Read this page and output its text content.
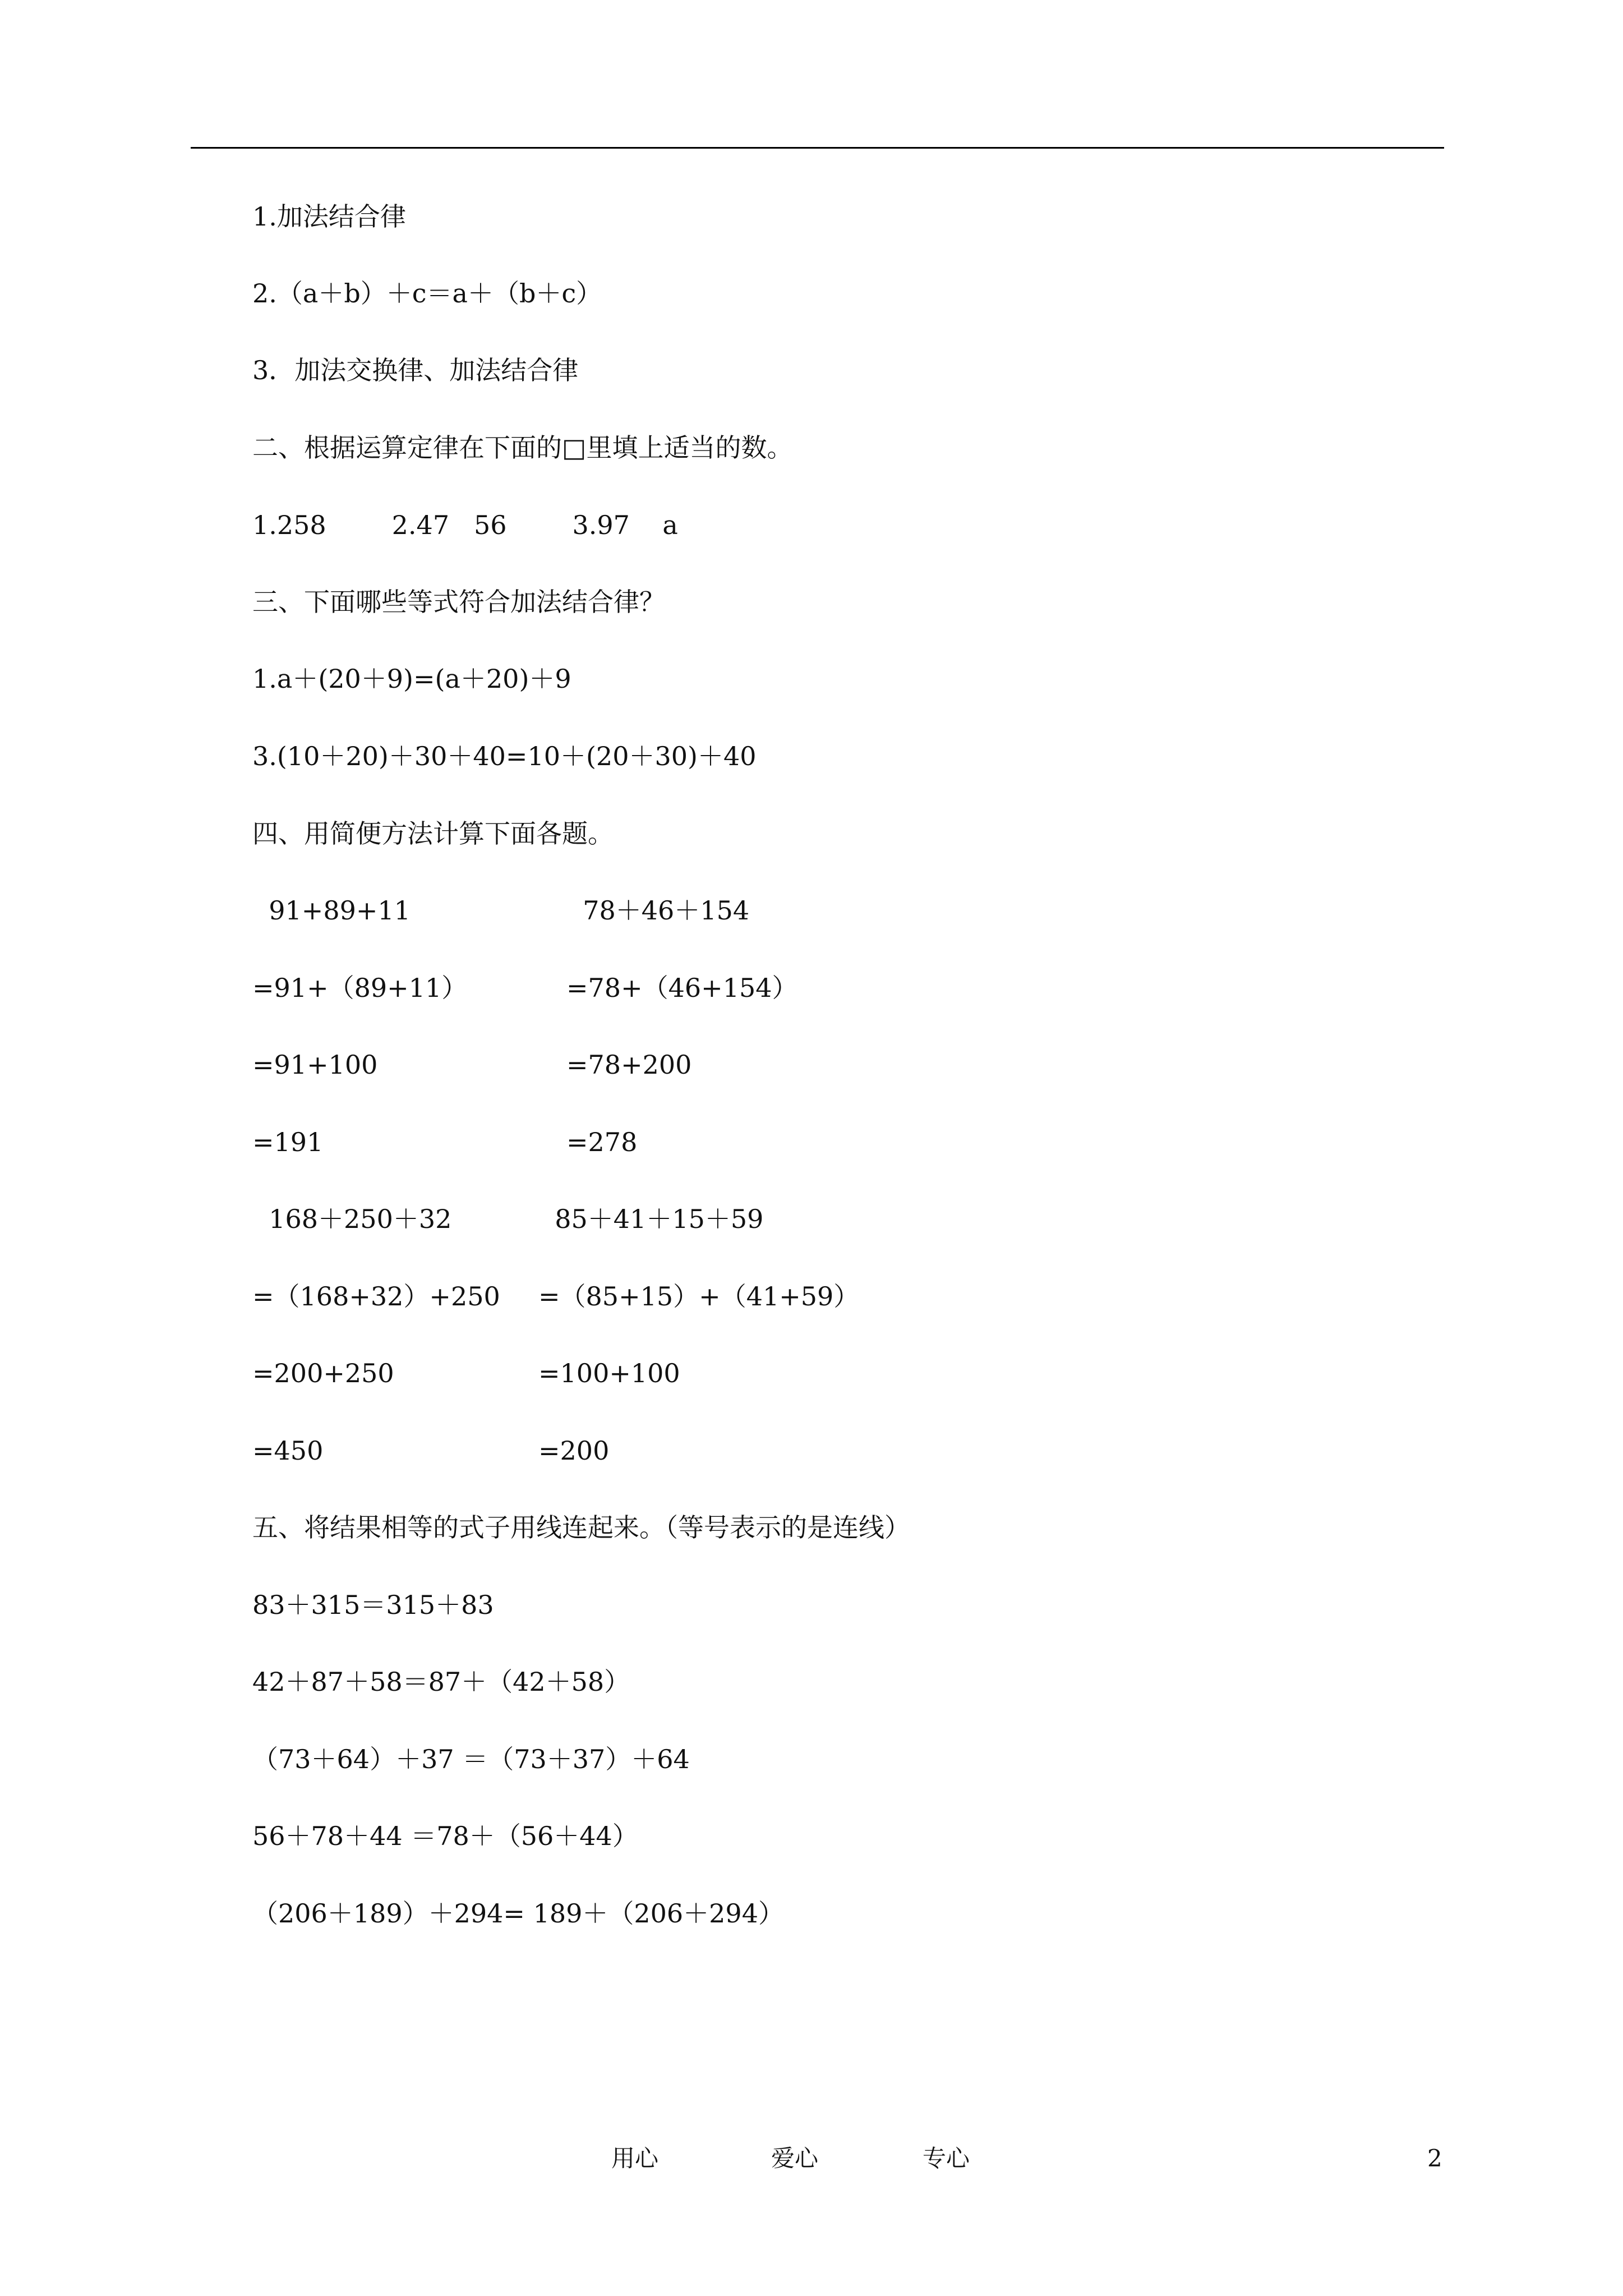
1.加法结合律
2.（a＋b）＋c＝a＋（b＋c）
3．加法交换律、加法结合律
二、根据运算定律在下面的□里填上适当的数。
1.258        2.47   56        3.97    a
三、下面哪些等式符合加法结合律？
1.a＋(20＋9)=(a＋20)＋9
3.(10＋20)＋30＋40=10＋(20＋30)＋40
四、用简便方法计算下面各题。
91+89+11
=91+（89+11）
=91+100
=191
78＋46＋154
=78+（46+154）
=78+200
=278
168＋250＋32
=（168+32）+250
=200+250
=450
85＋41＋15＋59
=（85+15）+（41+59）
=100+100
=200
五、将结果相等的式子用线连起来。（等号表示的是连线）
83＋315＝315＋83
42＋87＋58＝87＋（42＋58）
（73＋64）＋37 ＝（73＋37）＋64
56＋78＋44 ＝78＋（56＋44）
（206＋189）＋294= 189＋（206＋294）
用心	爱心	专心	2
